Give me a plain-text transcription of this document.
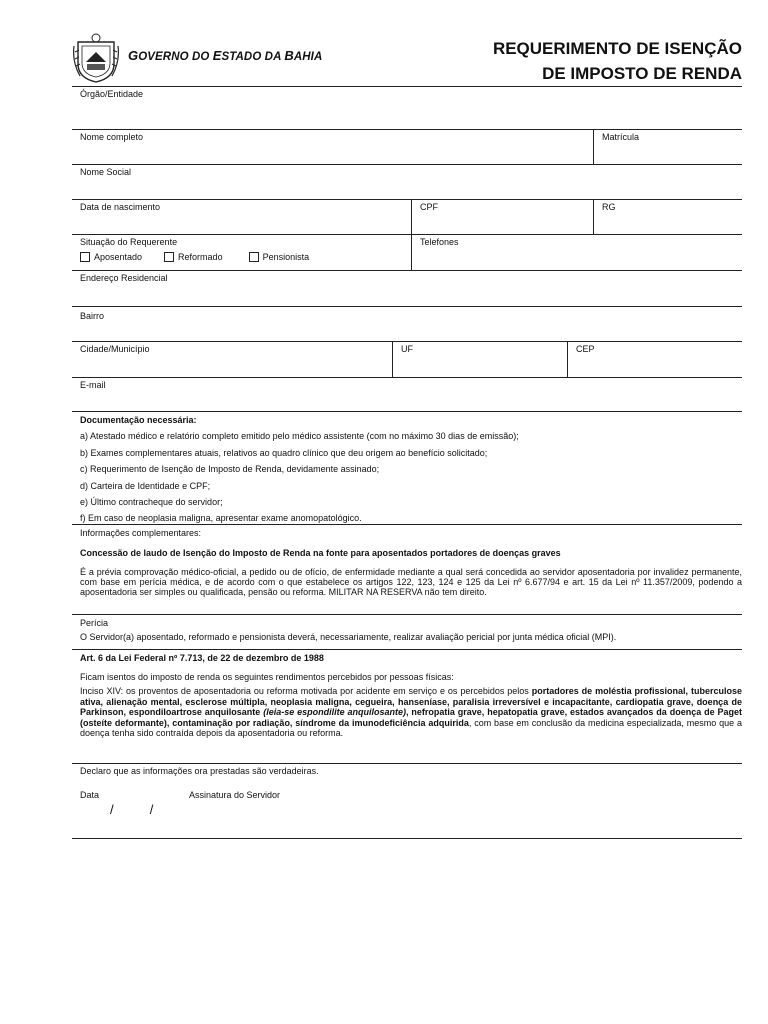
GOVERNO DO ESTADO DA BAHIA	REQUERIMENTO DE ISENÇÃO
DE IMPOSTO DE RENDA
Órgão/Entidade
Nome completo	Matrícula
Nome Social
Data de nascimento	CPF	RG
Situação do Requerente
Aposentado	Reformado	Pensionista
Telefones
Endereço Residencial
Bairro
Cidade/Município	UF	CEP
E-mail

Documentação necessária:

a) Atestado médico e relatório completo emitido pelo médico assistente (com no máximo 30 dias de emissão);

b) Exames complementares atuais, relativos ao quadro clínico que deu origem ao benefício solicitado;

c) Requerimento de Isenção de Imposto de Renda, devidamente assinado;

d) Carteira de Identidade e CPF;

e) Último contracheque do servidor;

f) Em caso de neoplasia maligna, apresentar exame anomopatológico.

Informações complementares:

Concessão de laudo de Isenção do Imposto de Renda na fonte para aposentados portadores de doenças graves

É a prévia comprovação médico-oficial, a pedido ou de ofício, de enfermidade mediante a qual será concedida ao servidor aposentadoria por invalidez permanente, com base em perícia médica, e de acordo com o que estabelece os artigos 122, 123, 124 e 125 da Lei nº 6.677/94 e art. 15 da Lei nº 11.357/2009, podendo a aposentadoria ser simples ou qualificada, pensão ou reforma. MILITAR NA RESERVA não tem direito.

Perícia

O Servidor(a) aposentado, reformado e pensionista deverá, necessariamente, realizar avaliação pericial por junta médica oficial (MPI).

Art. 6 da Lei Federal nº 7.713, de 22 de dezembro de 1988

Ficam isentos do imposto de renda os seguintes rendimentos percebidos por pessoas físicas:

Inciso XIV: os proventos de aposentadoria ou reforma motivada por acidente em serviço e os percebidos pelos portadores de moléstia profissional, tuberculose ativa, alienação mental, esclerose múltipla, neoplasia maligna, cegueira, hanseníase, paralisia irreversível e incapacitante, cardiopatia grave, doença de Parkinson, espondiloartrose anquilosante (leia-se espondilite anquilosante), nefropatia grave, hepatopatia grave, estados avançados da doença de Paget (osteíte deformante), contaminação por radiação, síndrome da imunodeficiência adquirida, com base em conclusão da medicina especializada, mesmo que a doença tenha sido contraída depois da aposentadoria ou reforma.

Declaro que as informações ora prestadas são verdadeiras.
Data	Assinatura do Servidor
/          /
